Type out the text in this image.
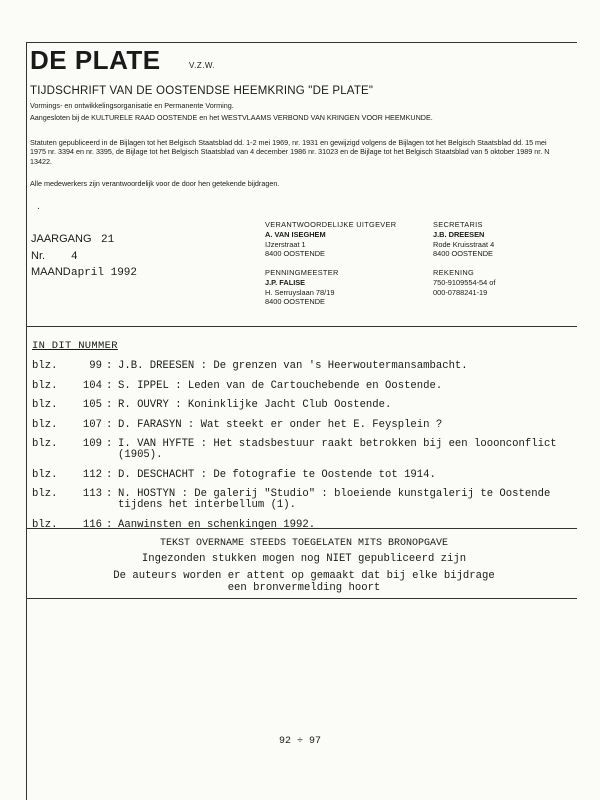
DE PLATE	V.Z.W.
TIJDSCHRIFT VAN DE OOSTENDSE HEEMKRING "DE PLATE"
Vormings- en ontwikkelingsorganisatie en Permanente Vorming.
Aangesloten bij de KULTURELE RAAD OOSTENDE en het WESTVLAAMS VERBOND VAN KRINGEN VOOR HEEMKUNDE.
Statuten gepubliceerd in de Bijlagen tot het Belgisch Staatsblad dd. 1-2 mei 1969, nr. 1931 en gewijzigd volgens de Bijlagen tot het Belgisch Staatsblad dd. 15 mei 1975 nr. 3394 en nr. 3395, de Bijlage tot het Belgisch Staatsblad van 4 december 1986 nr. 31023 en de Bijlage tot het Belgisch Staatsblad van 5 oktober 1989 nr. N 13422.
Alle medewerkers zijn verantwoordelijk voor de door hen getekende bijdragen.
.
JAARGANG 21
Nr. 4
MAANDapril 1992
VERANTWOORDELIJKE UITGEVER
A. VAN ISEGHEM
IJzerstraat 1
8400 OOSTENDE
SECRETARIS
J.B. DREESEN
Rode Kruisstraat 4
8400 OOSTENDE
PENNINGMEESTER
J.P. FALISE
H. Serruyslaan 78/19
8400 OOSTENDE
REKENING
750-9109554-54 of
000-0788241-19
IN DIT NUMMER
blz.	99 : J.B. DREESEN : De grenzen van 's Heerwoutermansambacht.
blz.	104 : S. IPPEL : Leden van de Cartouchebende en Oostende.
blz.	105 : R. OUVRY : Koninklijke Jacht Club Oostende.
blz.	107 : D. FARASYN : Wat steekt er onder het E. Feysplein ?
blz.	109 : I. VAN HYFTE : Het stadsbestuur raakt betrokken bij een looonconflict (1905).
blz.	112 : D. DESCHACHT : De fotografie te Oostende tot 1914.
blz.	113 : N. HOSTYN : De galerij "Studio" : bloeiende kunstgalerij te Oostende tijdens het interbellum (1).
blz.	116 : Aanwinsten en schenkingen 1992.
TEKST OVERNAME STEEDS TOEGELATEN MITS BRONOPGAVE
Ingezonden stukken mogen nog NIET gepubliceerd zijn
De auteurs worden er attent op gemaakt dat bij elke bijdrage
een bronvermelding hoort
92 ÷ 97
